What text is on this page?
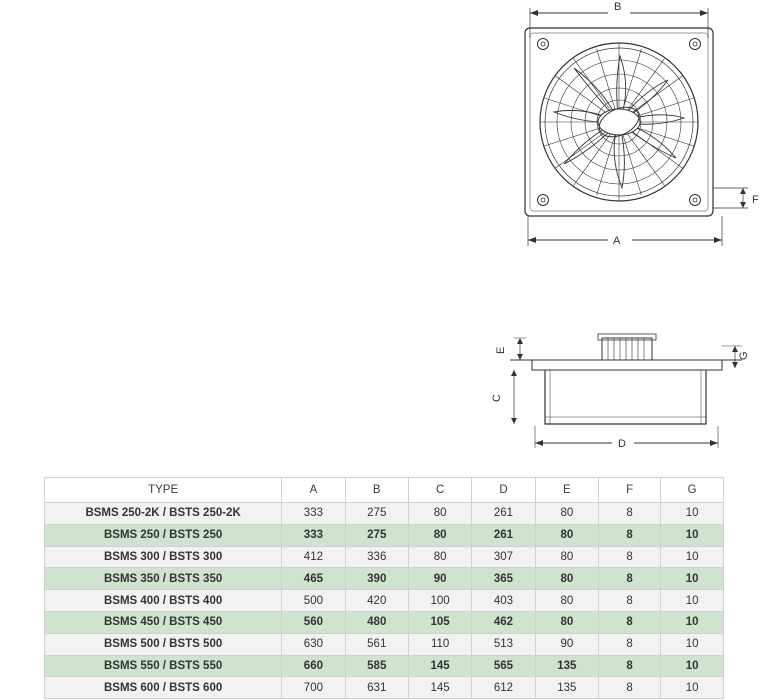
F
A
B
E
C
G
D
TYPE	A	B	C	D	E	F	G
BSMS 250-2K / BSTS 250-2K	333	275	80	261	80	8	10
BSMS 250 / BSTS 250	333	275	80	261	80	8	10
BSMS 300 / BSTS 300	412	336	80	307	80	8	10
BSMS 350 / BSTS 350	465	390	90	365	80	8	10
BSMS 400 / BSTS 400	500	420	100	403	80	8	10
BSMS 450 / BSTS 450	560	480	105	462	80	8	10
BSMS 500 / BSTS 500	630	561	110	513	90	8	10
BSMS 550 / BSTS 550	660	585	145	565	135	8	10
BSMS 600 / BSTS 600	700	631	145	612	135	8	10
